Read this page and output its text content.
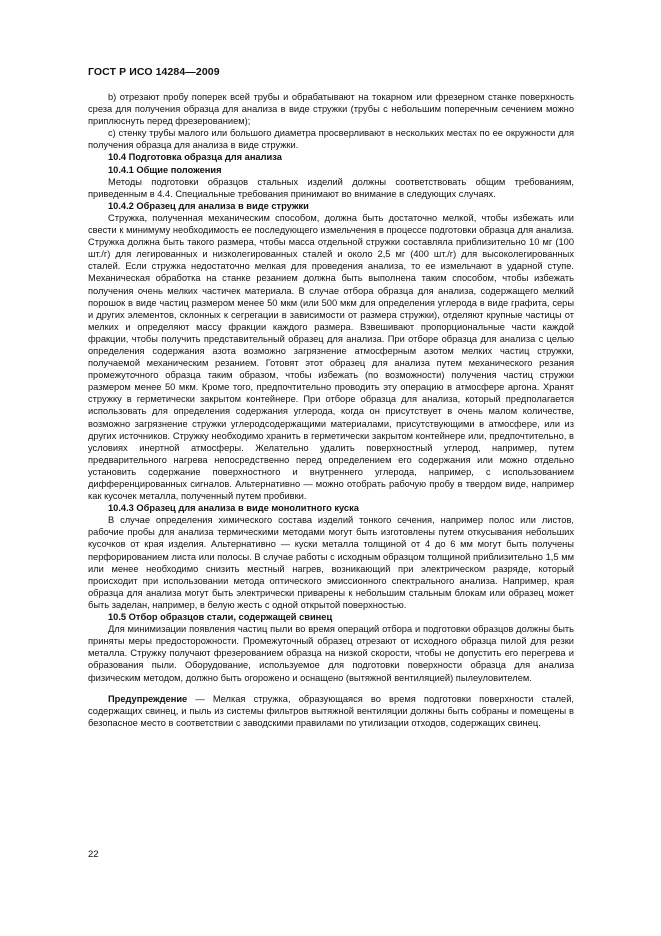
ГОСТ Р ИСО 14284—2009

b) отрезают пробу поперек всей трубы и обрабатывают на токарном или фрезерном станке поверхность среза для получения образца для анализа в виде стружки (трубы с небольшим поперечным сечением можно приплюснуть перед фрезерованием);

c) стенку трубы малого или большого диаметра просверливают в нескольких местах по ее окружности для получения образца для анализа в виде стружки.

10.4 Подготовка образца для анализа

10.4.1 Общие положения

Методы подготовки образцов стальных изделий должны соответствовать общим требованиям, приведенным в 4.4. Специальные требования принимают во внимание в следующих случаях.

10.4.2 Образец для анализа в виде стружки

Стружка, полученная механическим способом, должна быть достаточно мелкой, чтобы избежать или свести к минимуму необходимость ее последующего измельчения в процессе подготовки образца для анализа. Стружка должна быть такого размера, чтобы масса отдельной стружки составляла приблизительно 10 мг (100 шт./г) для легированных и низколегированных сталей и около 2,5 мг (400 шт./г) для высоколегированных сталей. Если стружка недостаточно мелкая для проведения анализа, то ее измельчают в ударной ступе. Механическая обработка на станке резанием должна быть выполнена таким способом, чтобы избежать получения очень мелких частичек материала. В случае отбора образца для анализа, содержащего мелкий порошок в виде частиц размером менее 50 мкм (или 500 мкм для определения углерода в виде графита, серы и других элементов, склонных к сегрегации в зависимости от размера стружки), отделяют крупные частицы от мелких и определяют массу фракции каждого размера. Взвешивают пропорциональные части каждой фракции, чтобы получить представительный образец для анализа. При отборе образца для анализа с целью определения содержания азота возможно загрязнение атмосферным азотом мелких частиц стружки, получаемой механическим резанием. Готовят этот образец для анализа путем механического резания промежуточного образца таким образом, чтобы избежать (по возможности) получения частиц стружки размером менее 50 мкм. Кроме того, предпочтительно проводить эту операцию в атмосфере аргона. Хранят стружку в герметически закрытом контейнере. При отборе образца для анализа, который предполагается использовать для определения содержания углерода, когда он присутствует в очень малом количестве, возможно загрязнение стружки углеродсодержащими материалами, присутствующими в атмосфере, или из других источников. Стружку необходимо хранить в герметически закрытом контейнере или, предпочтительно, в условиях инертной атмосферы. Желательно удалить поверхностный углерод, например, путем предварительного нагрева непосредственно перед определением его содержания или можно отдельно установить содержание поверхностного и внутреннего углерода, например, с использованием дифференцированных сигналов. Альтернативно — можно отобрать рабочую пробу в твердом виде, например как кусочек металла, полученный путем пробивки.

10.4.3 Образец для анализа в виде монолитного куска

В случае определения химического состава изделий тонкого сечения, например полос или листов, рабочие пробы для анализа термическими методами могут быть изготовлены путем откусывания небольших кусочков от края изделия. Альтернативно — куски металла толщиной от 4 до 6 мм могут быть получены перфорированием листа или полосы. В случае работы с исходным образцом толщиной приблизительно 1,5 мм или менее необходимо снизить местный нагрев, возникающий при электрическом разряде, который происходит при использовании метода оптического эмиссионного спектрального анализа. Например, края образца для анализа могут быть электрически приварены к небольшим стальным блокам или образец может быть заделан, например, в белую жесть с одной открытой поверхностью.

10.5 Отбор образцов стали, содержащей свинец

Для минимизации появления частиц пыли во время операций отбора и подготовки образцов должны быть приняты меры предосторожности. Промежуточный образец отрезают от исходного образца пилой для резки металла. Стружку получают фрезерованием образца на низкой скорости, чтобы не допустить его перегрева и образования пыли. Оборудование, используемое для подготовки поверхности образца для анализа физическим методом, должно быть огорожено и оснащено (вытяжной вентиляцией) пылеуловителем.

Предупреждение — Мелкая стружка, образующаяся во время подготовки поверхности сталей, содержащих свинец, и пыль из системы фильтров вытяжной вентиляции должны быть собраны и помещены в безопасное место в соответствии с заводскими правилами по утилизации отходов, содержащих свинец.

22
